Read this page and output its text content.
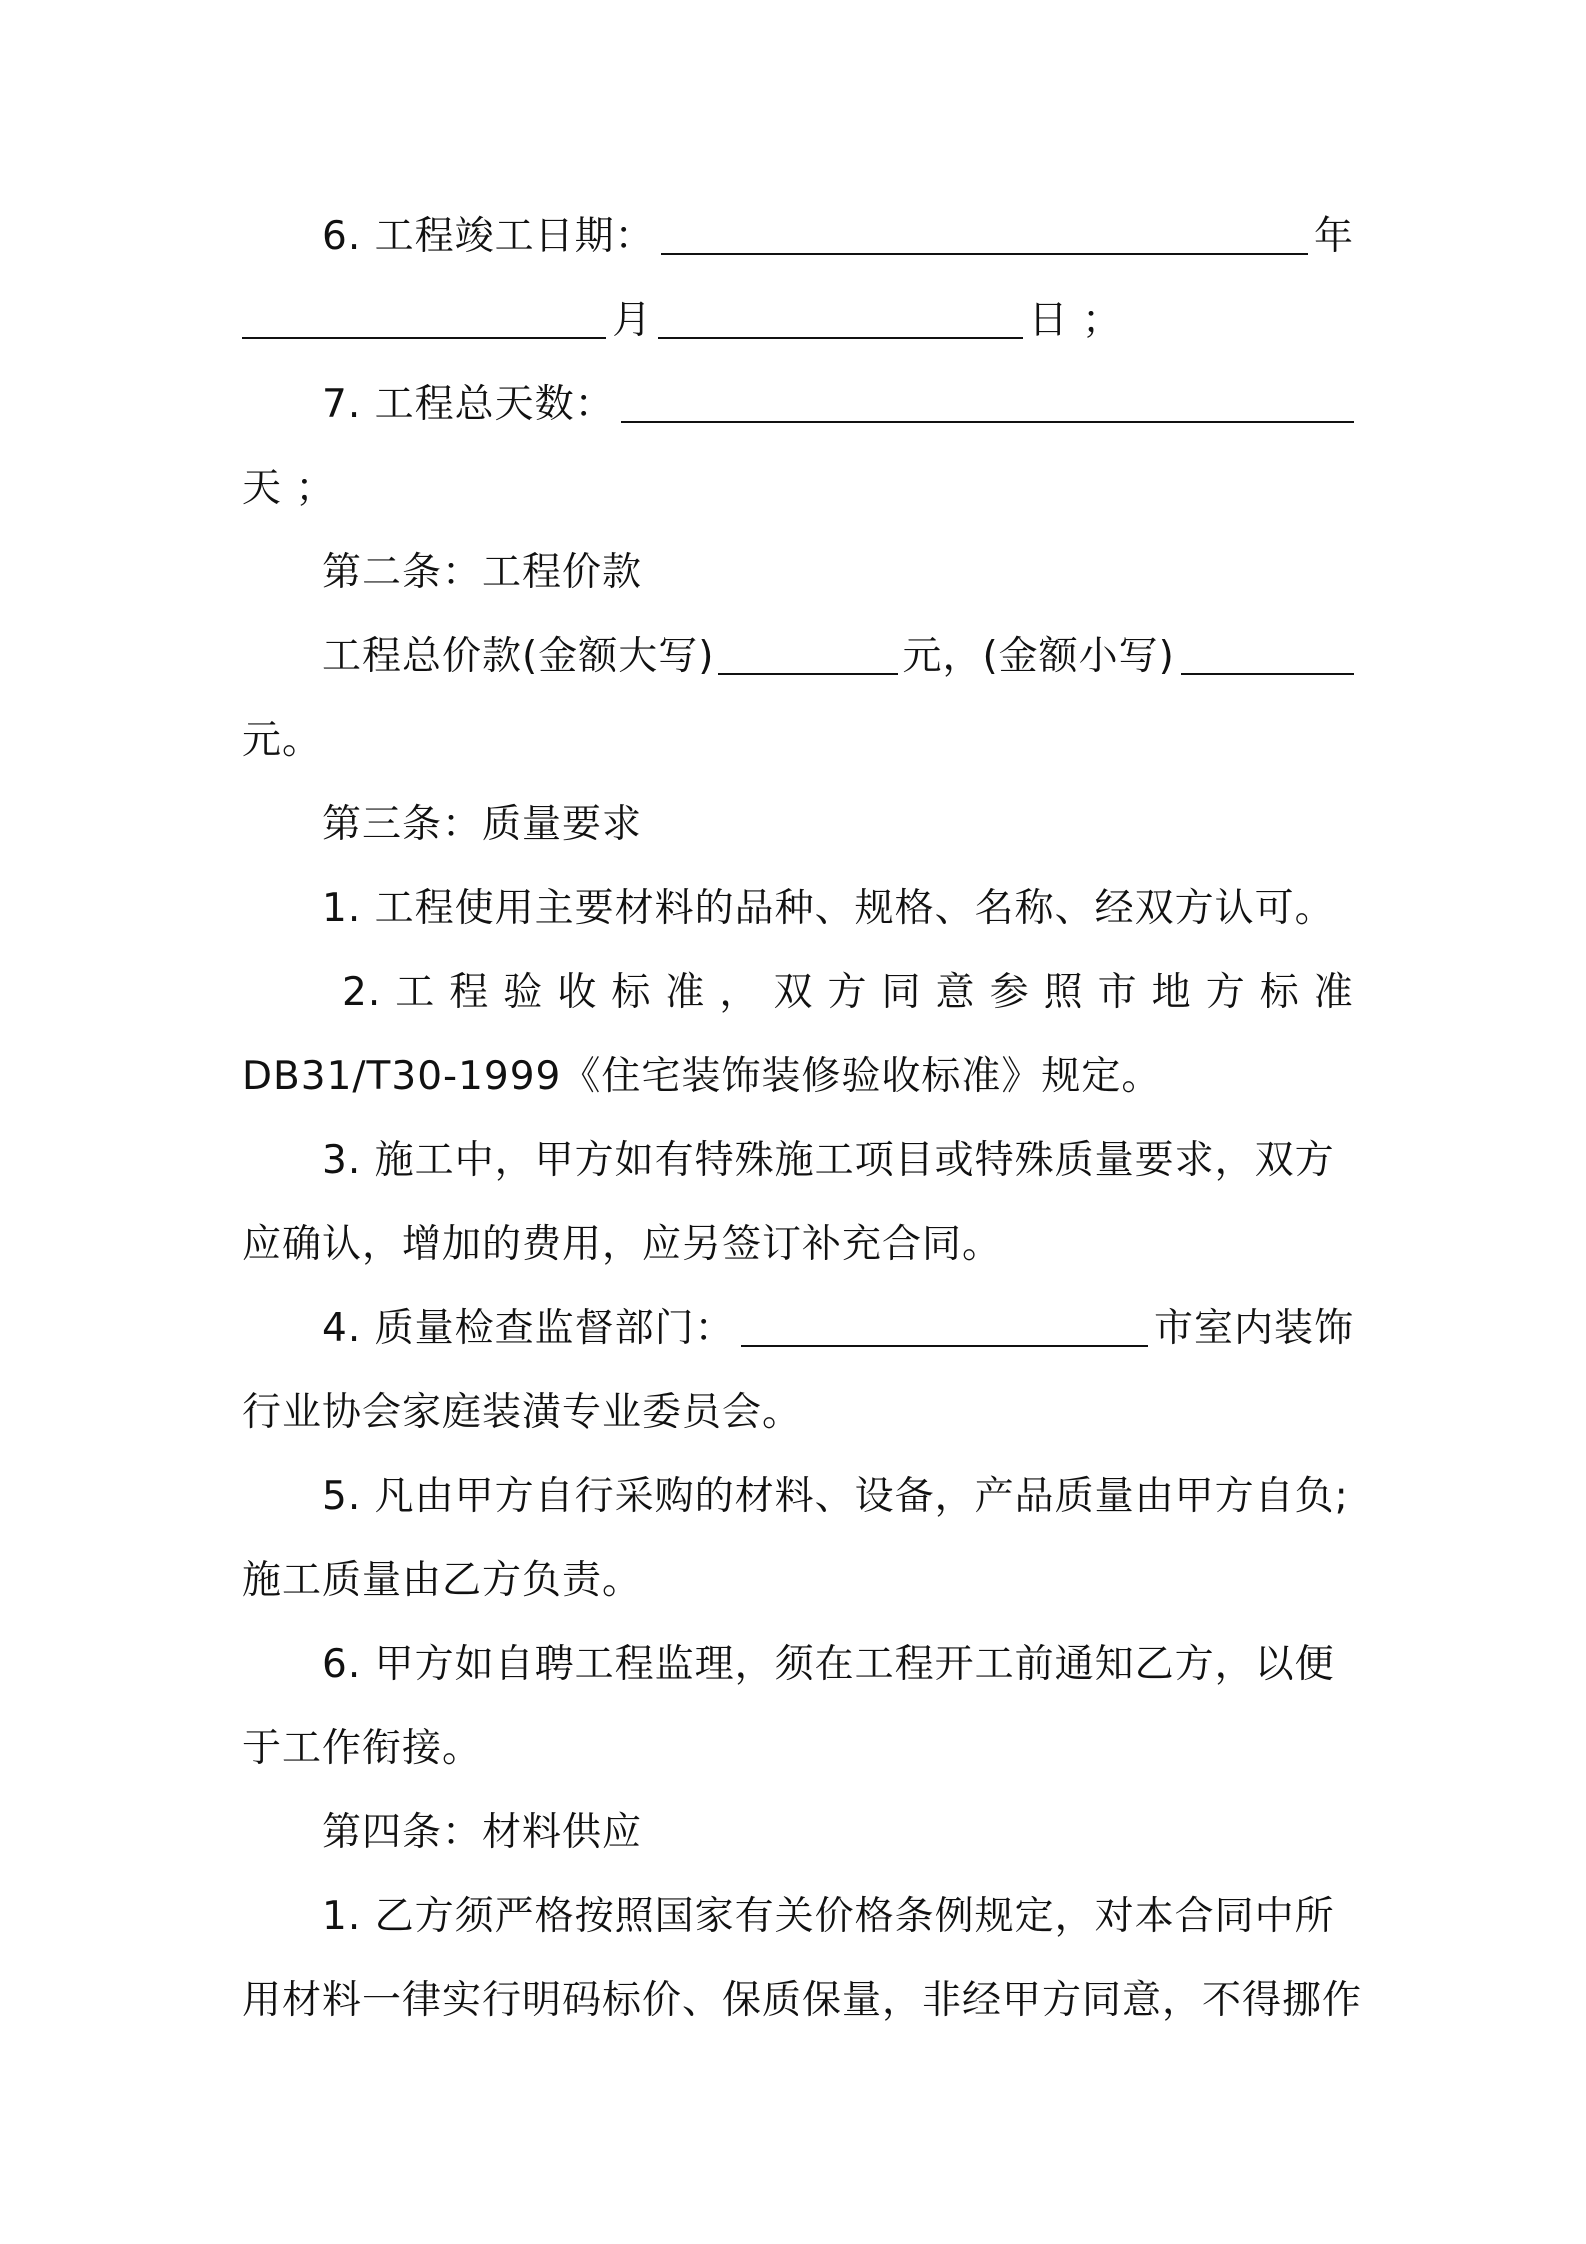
6. 工程竣工日期：	年
月	日 ；
7. 工程总天数：
天 ；
第二条：工程价款
工程总价款(金额大写)	元，(金额小写)
元。
第三条：质量要求
1. 工程使用主要材料的品种、规格、名称、经双方认可。
2. 工 程 验 收 标 准 ， 双 方 同 意 参 照 市 地 方 标 准
DB31/T30-1999《住宅装饰装修验收标准》规定。
3. 施工中，甲方如有特殊施工项目或特殊质量要求，双方
应确认，增加的费用，应另签订补充合同。
4. 质量检查监督部门：	市室内装饰
行业协会家庭装潢专业委员会。
5. 凡由甲方自行采购的材料、设备，产品质量由甲方自负;
施工质量由乙方负责。
6. 甲方如自聘工程监理，须在工程开工前通知乙方，以便
于工作衔接。
第四条：材料供应
1. 乙方须严格按照国家有关价格条例规定，对本合同中所
用材料一律实行明码标价、保质保量，非经甲方同意，不得挪作
